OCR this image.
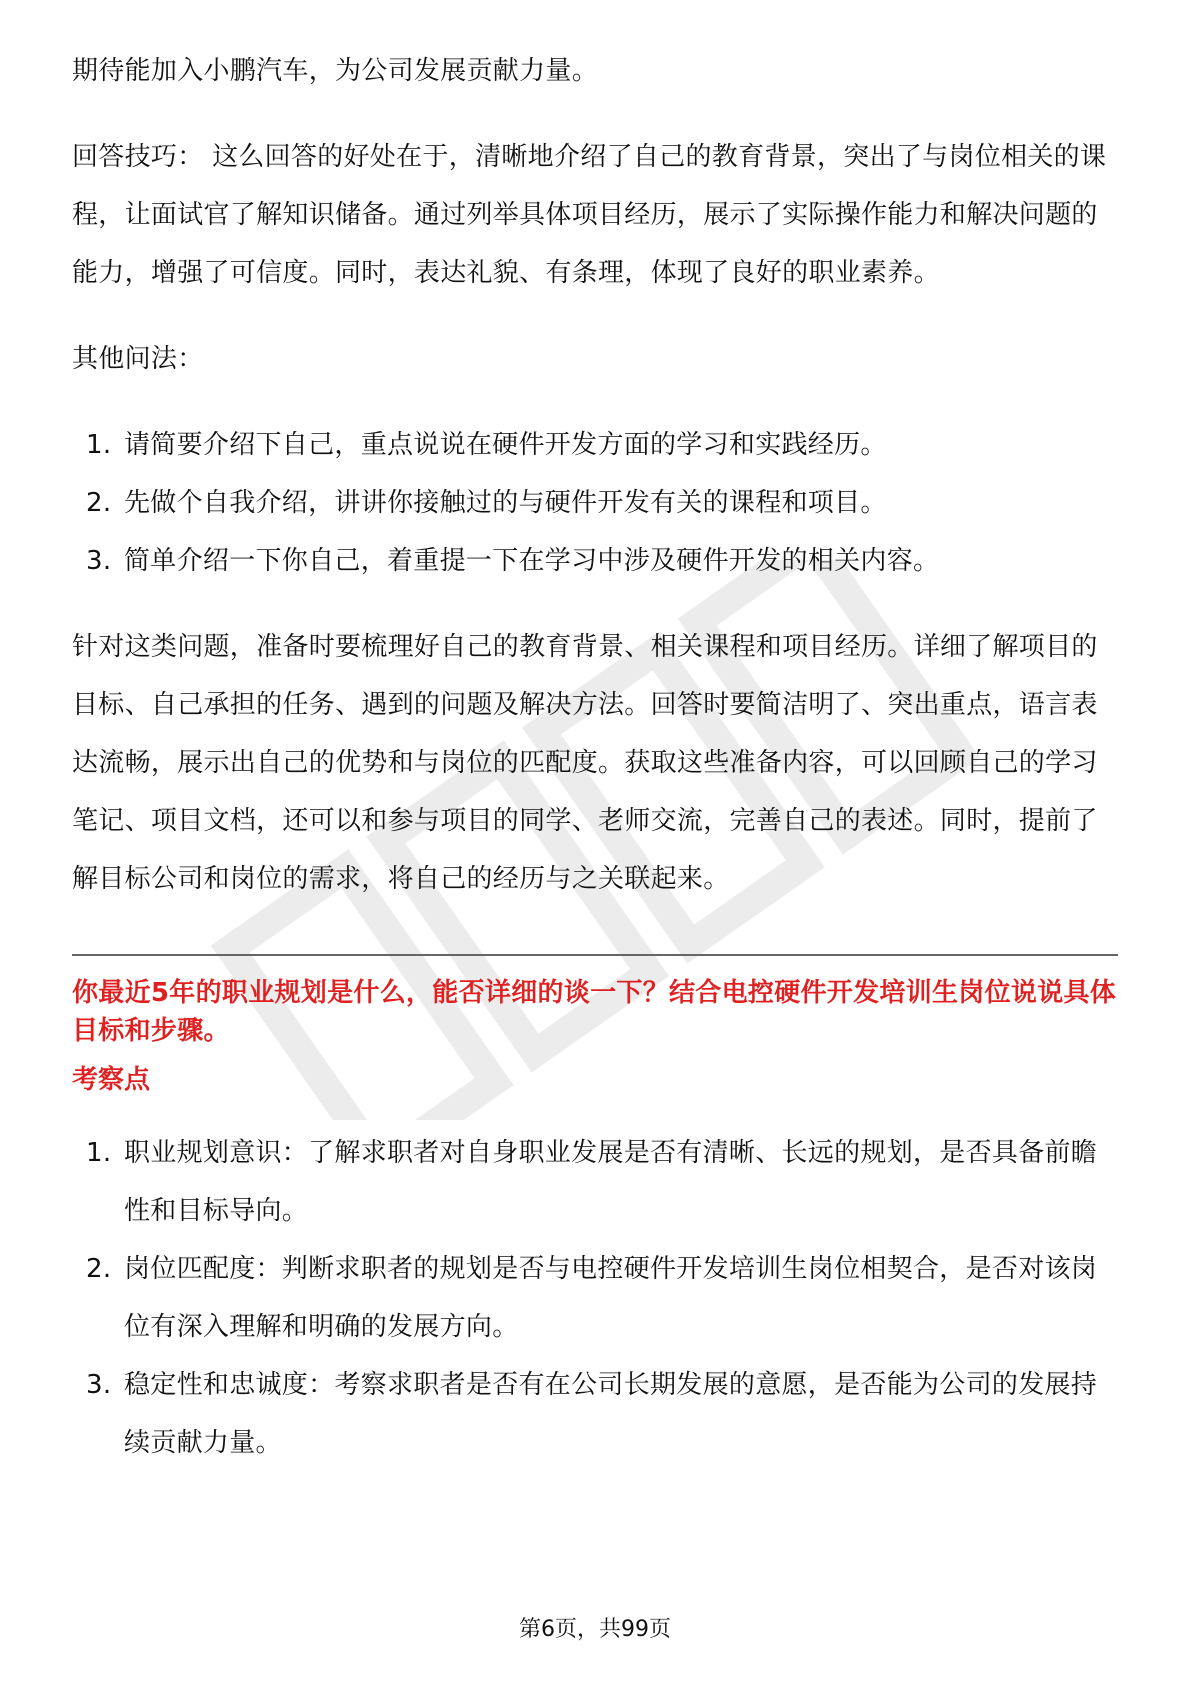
期待能加入小鹏汽车，为公司发展贡献力量。

回答技巧： 这么回答的好处在于，清晰地介绍了自己的教育背景，突出了与岗位相关的课程，让面试官了解知识储备。通过列举具体项目经历，展示了实际操作能力和解决问题的能力，增强了可信度。同时，表达礼貌、有条理，体现了良好的职业素养。

其他问法：

1. 请简要介绍下自己，重点说说在硬件开发方面的学习和实践经历。
2. 先做个自我介绍，讲讲你接触过的与硬件开发有关的课程和项目。
3. 简单介绍一下你自己，着重提一下在学习中涉及硬件开发的相关内容。

针对这类问题，准备时要梳理好自己的教育背景、相关课程和项目经历。详细了解项目的目标、自己承担的任务、遇到的问题及解决方法。回答时要简洁明了、突出重点，语言表达流畅，展示出自己的优势和与岗位的匹配度。获取这些准备内容，可以回顾自己的学习笔记、项目文档，还可以和参与项目的同学、老师交流，完善自己的表述。同时，提前了解目标公司和岗位的需求，将自己的经历与之关联起来。

你最近5年的职业规划是什么，能否详细的谈一下？结合电控硬件开发培训生岗位说说具体目标和步骤。

考察点

1. 职业规划意识：了解求职者对自身职业发展是否有清晰、长远的规划，是否具备前瞻性和目标导向。
2. 岗位匹配度：判断求职者的规划是否与电控硬件开发培训生岗位相契合，是否对该岗位有深入理解和明确的发展方向。
3. 稳定性和忠诚度：考察求职者是否有在公司长期发展的意愿，是否能为公司的发展持续贡献力量。
第6页，共99页
